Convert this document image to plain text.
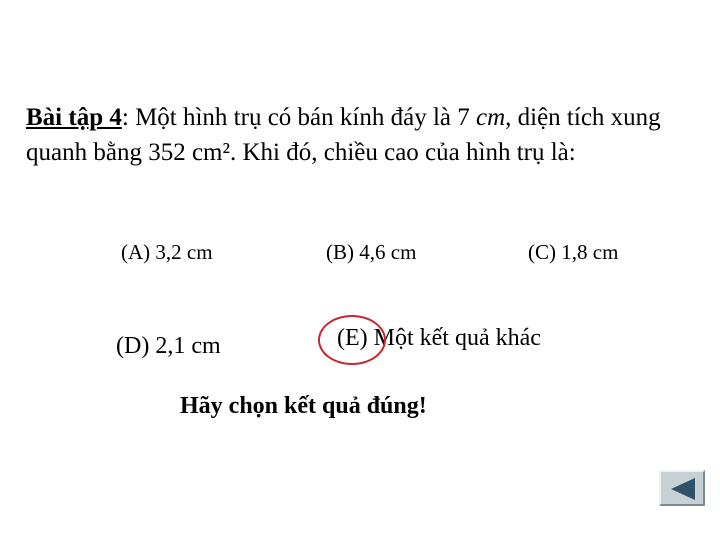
Bài tập 4: Một hình trụ có bán kính đáy là 7 cm, diện tích xung quanh bằng 352 cm². Khi đó, chiều cao của hình trụ là:

(A) 3,2 cm	(B) 4,6 cm	(C) 1,8 cm
(D) 2,1 cm	(E) Một kết quả khác
Hãy chọn kết quả đúng!
